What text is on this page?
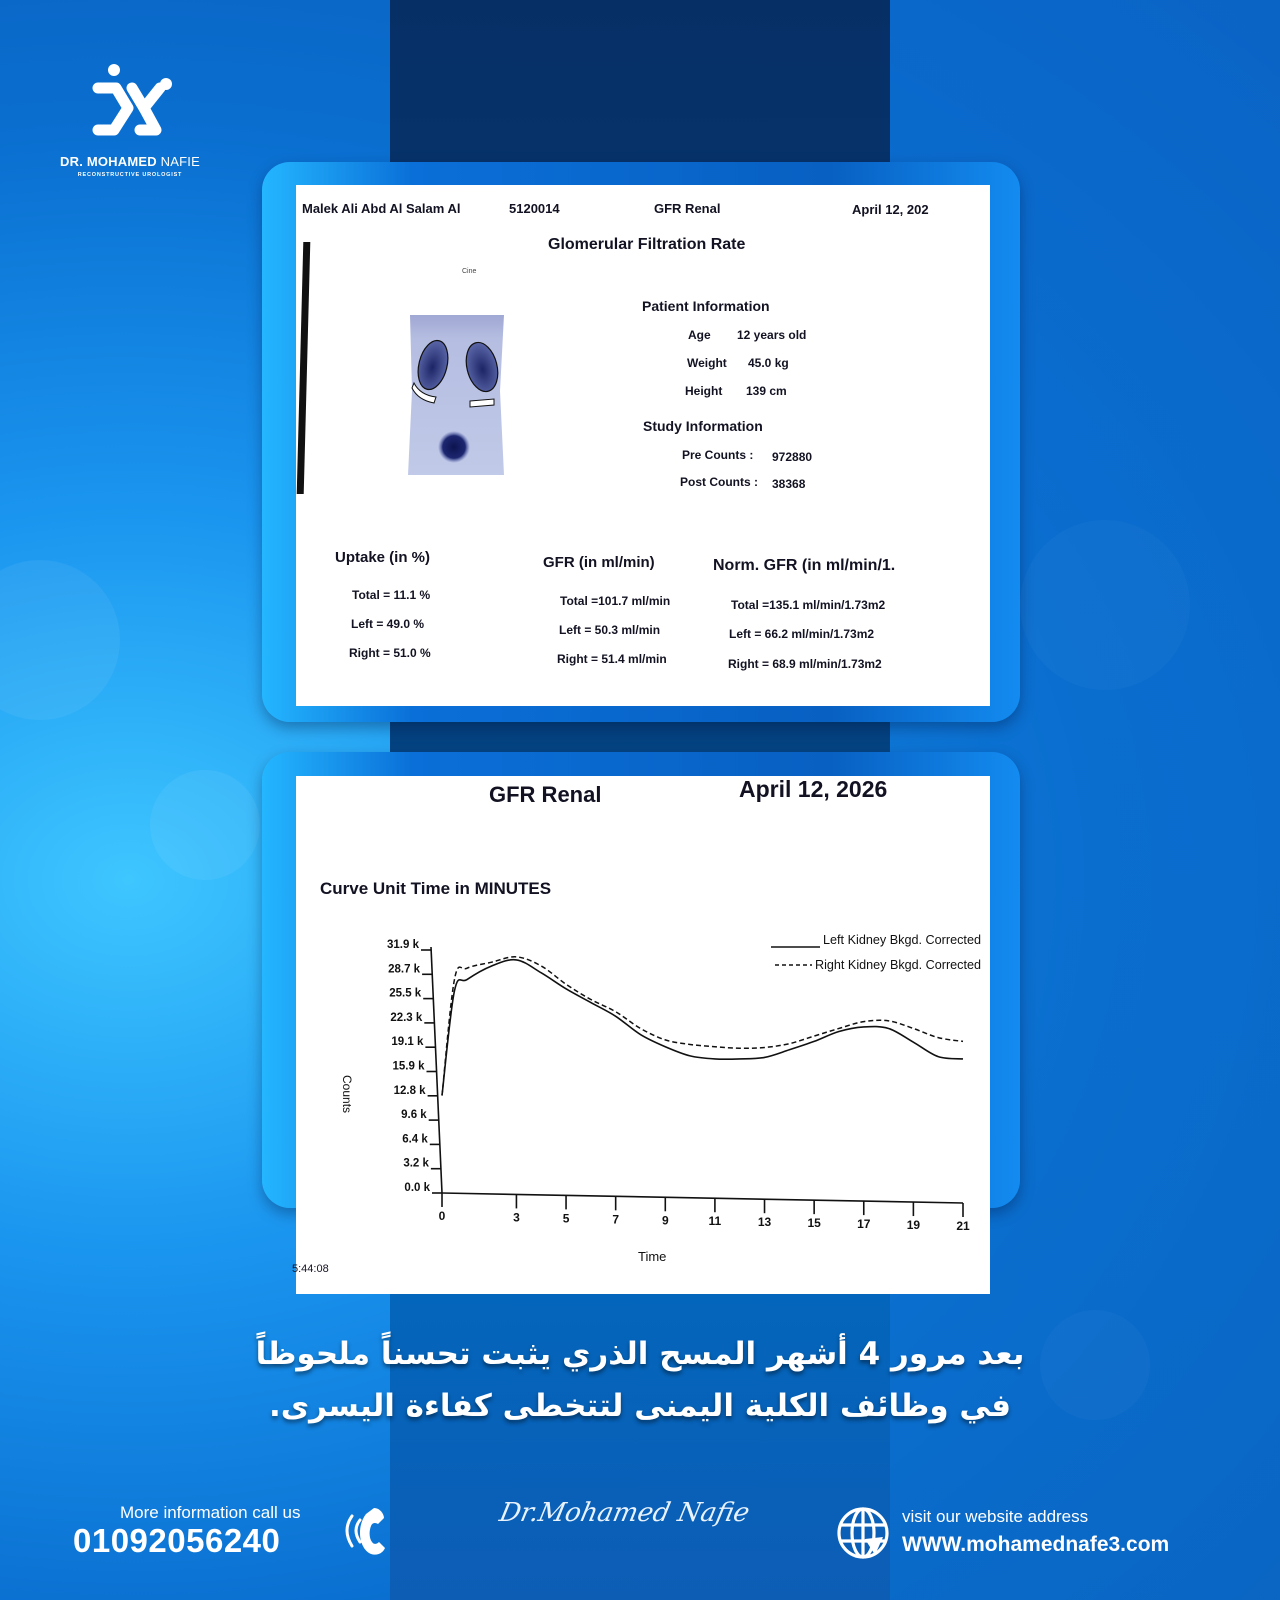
DR. MOHAMED NAFIE
RECONSTRUCTIVE UROLOGIST
Malek Ali Abd Al Salam Al	5120014	GFR Renal	April 12, 202
Glomerular Filtration Rate
Cine
Patient Information
Age 12 years old
Weight 45.0 kg
Height 139 cm
Study Information
Pre Counts : 972880
Post Counts : 38368
Uptake (in %)
Total = 11.1 %
Left = 49.0 %
Right = 51.0 %
GFR (in ml/min)
Total =101.7 ml/min
Left = 50.3 ml/min
Right = 51.4 ml/min
Norm. GFR (in ml/min/1.
Total =135.1 ml/min/1.73m2
Left = 66.2 ml/min/1.73m2
Right = 68.9 ml/min/1.73m2
GFR Renal	April 12, 2026
Curve Unit Time in MINUTES
5:44:08
0.0 k
3.2 k
6.4 k
9.6 k
12.8 k
15.9 k
19.1 k
22.3 k
25.5 k
28.7 k
31.9 k
0	3	5	7	9	11	13	15	17	19	21
Counts
Time
Left Kidney Bkgd. Corrected
Right Kidney Bkgd. Corrected
بعد مرور 4 أشهر المسح الذري يثبت تحسناً ملحوظاً
في وظائف الكلية اليمنى لتتخطى كفاءة اليسرى.
More information call us
01092056240
Dr.Mohamed Nafie	visit our website address
WWW.mohamednafe3.com
